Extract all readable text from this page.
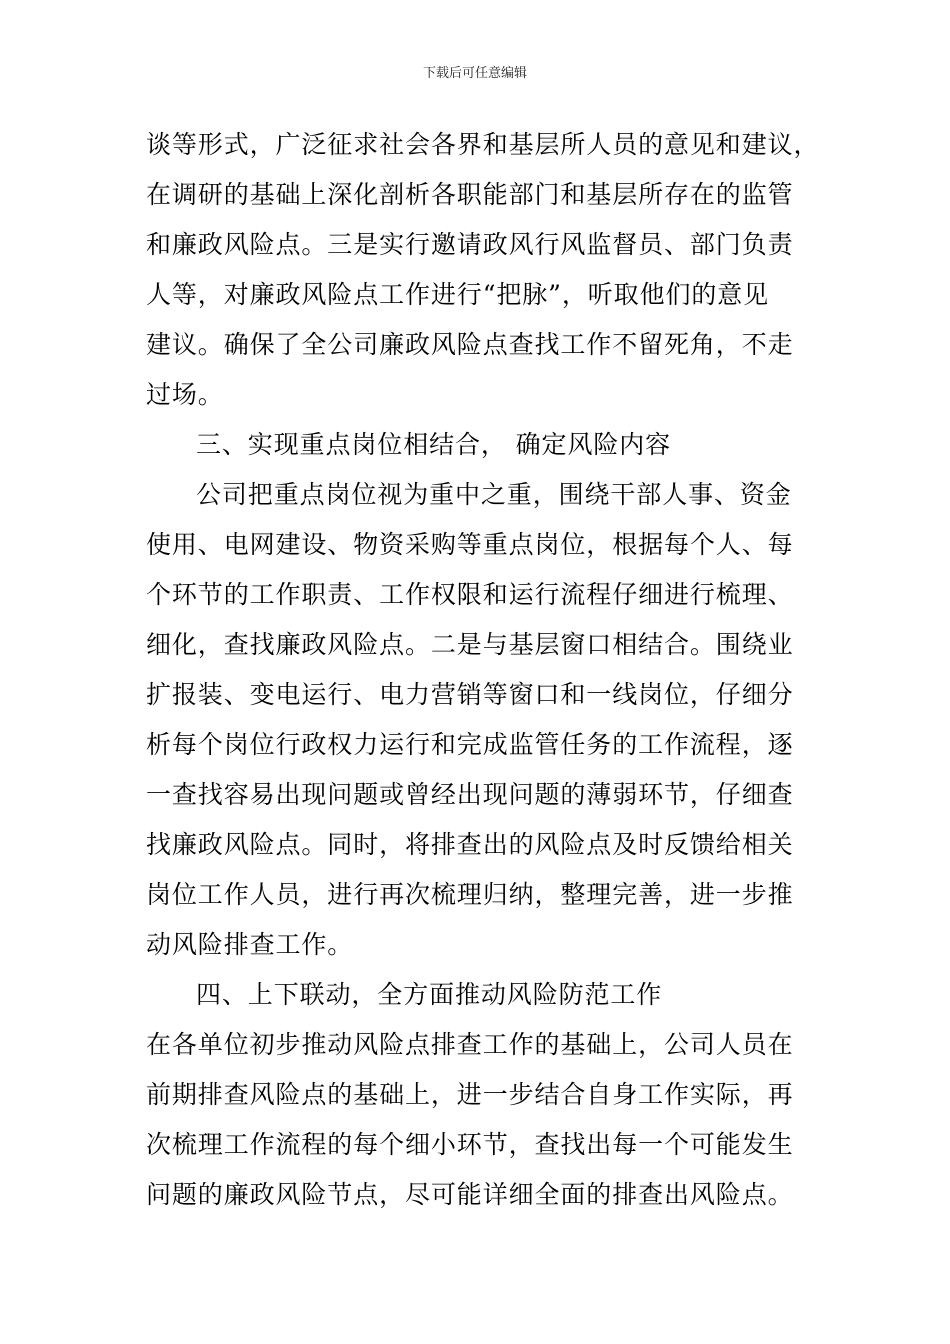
下载后可任意编辑
谈等形式，广泛征求社会各界和基层所人员的意见和建议，
在调研的基础上深化剖析各职能部门和基层所存在的监管
和廉政风险点。三是实行邀请政风行风监督员、部门负责
人等，对廉政风险点工作进行“把脉”，听取他们的意见
建议。确保了全公司廉政风险点查找工作不留死角，不走
过场。
三、实现重点岗位相结合， 确定风险内容
公司把重点岗位视为重中之重，围绕干部人事、资金
使用、电网建设、物资采购等重点岗位，根据每个人、每
个环节的工作职责、工作权限和运行流程仔细进行梳理、
细化，查找廉政风险点。二是与基层窗口相结合。围绕业
扩报装、变电运行、电力营销等窗口和一线岗位，仔细分
析每个岗位行政权力运行和完成监管任务的工作流程，逐
一查找容易出现问题或曾经出现问题的薄弱环节，仔细查
找廉政风险点。同时，将排查出的风险点及时反馈给相关
岗位工作人员，进行再次梳理归纳，整理完善，进一步推
动风险排查工作。
四、上下联动，全方面推动风险防范工作
在各单位初步推动风险点排查工作的基础上，公司人员在
前期排查风险点的基础上，进一步结合自身工作实际，再
次梳理工作流程的每个细小环节，查找出每一个可能发生
问题的廉政风险节点，尽可能详细全面的排查出风险点。
